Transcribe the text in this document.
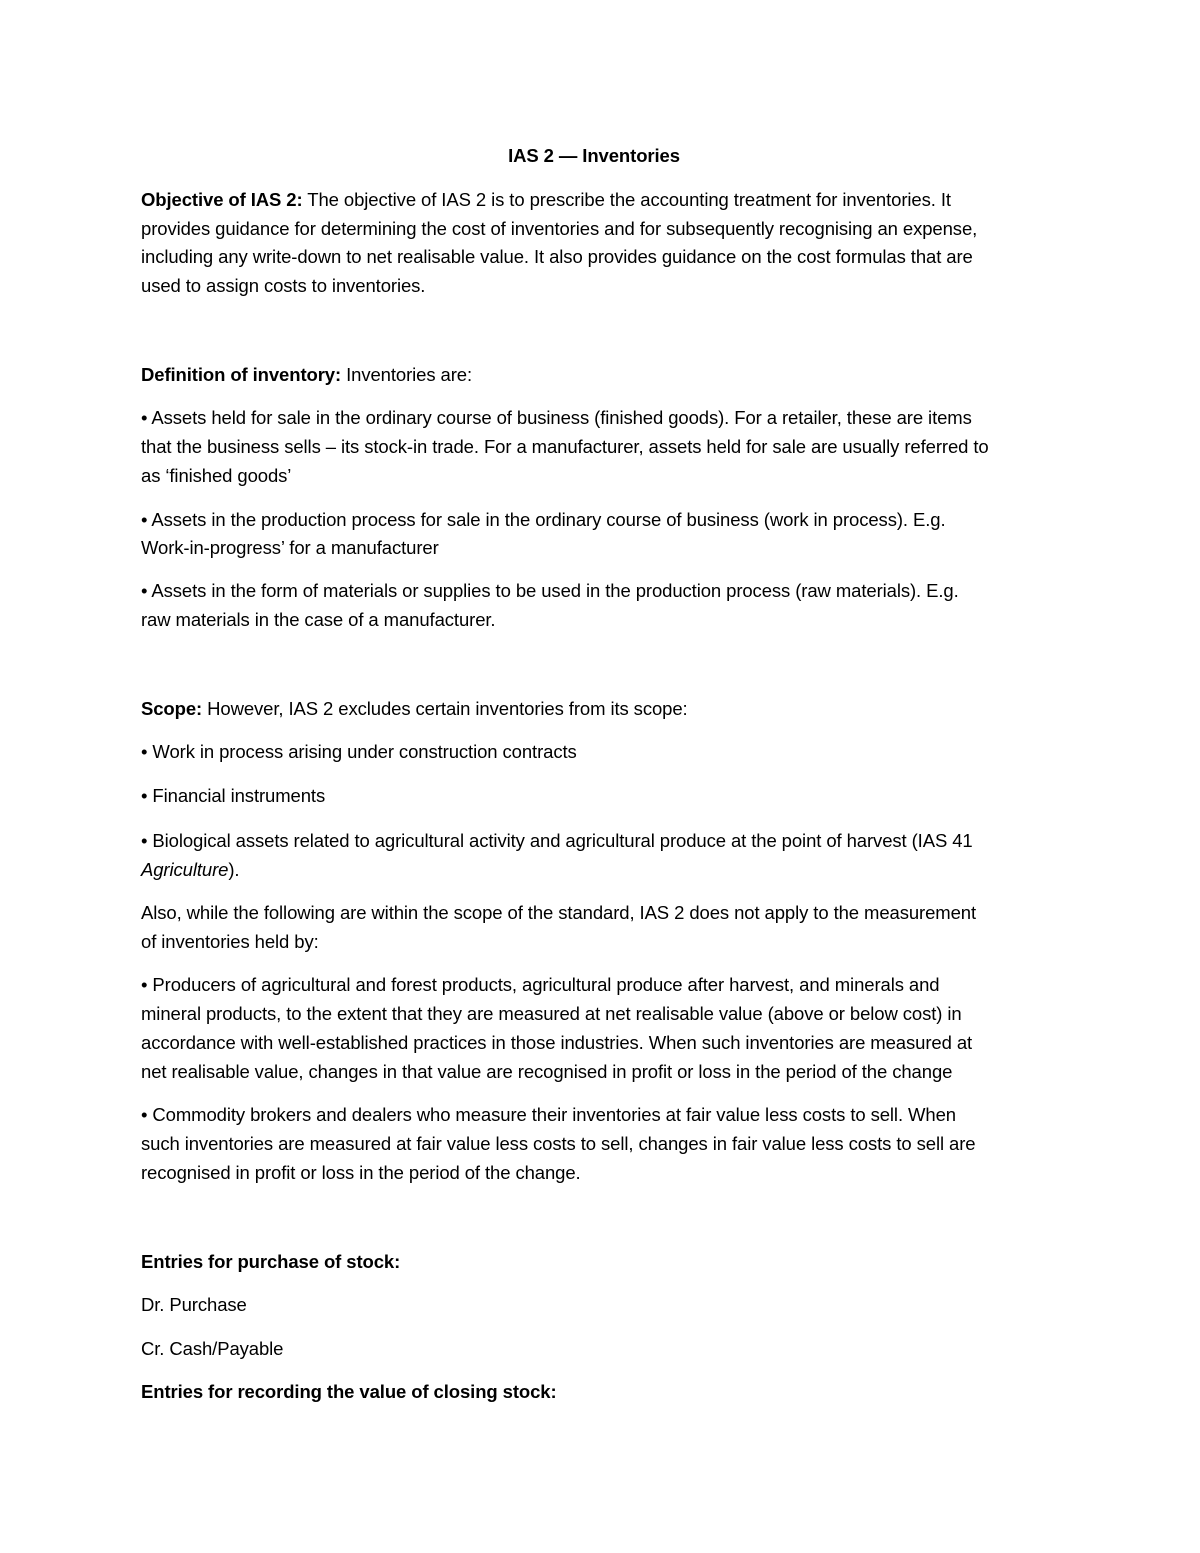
IAS 2 — Inventories

Objective of IAS 2: The objective of IAS 2 is to prescribe the accounting treatment for inventories. It

provides guidance for determining the cost of inventories and for subsequently recognising an expense,

including any write-down to net realisable value. It also provides guidance on the cost formulas that are

used to assign costs to inventories.

Definition of inventory: Inventories are:

• Assets held for sale in the ordinary course of business (finished goods). For a retailer, these are items

that the business sells – its stock-in trade. For a manufacturer, assets held for sale are usually referred to

as ‘finished goods’

• Assets in the production process for sale in the ordinary course of business (work in process). E.g.

Work-in-progress’ for a manufacturer

• Assets in the form of materials or supplies to be used in the production process (raw materials). E.g.

raw materials in the case of a manufacturer.

Scope: However, IAS 2 excludes certain inventories from its scope:

• Work in process arising under construction contracts

• Financial instruments

• Biological assets related to agricultural activity and agricultural produce at the point of harvest (IAS 41

Agriculture).

Also, while the following are within the scope of the standard, IAS 2 does not apply to the measurement

of inventories held by:

• Producers of agricultural and forest products, agricultural produce after harvest, and minerals and

mineral products, to the extent that they are measured at net realisable value (above or below cost) in

accordance with well-established practices in those industries. When such inventories are measured at

net realisable value, changes in that value are recognised in profit or loss in the period of the change

• Commodity brokers and dealers who measure their inventories at fair value less costs to sell. When

such inventories are measured at fair value less costs to sell, changes in fair value less costs to sell are

recognised in profit or loss in the period of the change.

Entries for purchase of stock:

Dr. Purchase

Cr. Cash/Payable

Entries for recording the value of closing stock:
